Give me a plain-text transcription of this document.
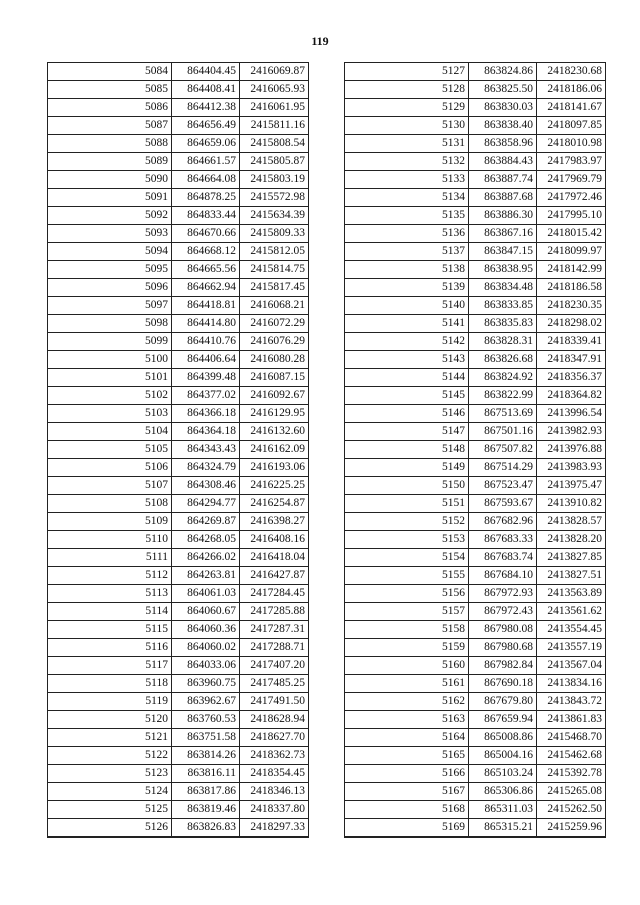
119
5084	864404.45	2416069.87
5085	864408.41	2416065.93
5086	864412.38	2416061.95
5087	864656.49	2415811.16
5088	864659.06	2415808.54
5089	864661.57	2415805.87
5090	864664.08	2415803.19
5091	864878.25	2415572.98
5092	864833.44	2415634.39
5093	864670.66	2415809.33
5094	864668.12	2415812.05
5095	864665.56	2415814.75
5096	864662.94	2415817.45
5097	864418.81	2416068.21
5098	864414.80	2416072.29
5099	864410.76	2416076.29
5100	864406.64	2416080.28
5101	864399.48	2416087.15
5102	864377.02	2416092.67
5103	864366.18	2416129.95
5104	864364.18	2416132.60
5105	864343.43	2416162.09
5106	864324.79	2416193.06
5107	864308.46	2416225.25
5108	864294.77	2416254.87
5109	864269.87	2416398.27
5110	864268.05	2416408.16
5111	864266.02	2416418.04
5112	864263.81	2416427.87
5113	864061.03	2417284.45
5114	864060.67	2417285.88
5115	864060.36	2417287.31
5116	864060.02	2417288.71
5117	864033.06	2417407.20
5118	863960.75	2417485.25
5119	863962.67	2417491.50
5120	863760.53	2418628.94
5121	863751.58	2418627.70
5122	863814.26	2418362.73
5123	863816.11	2418354.45
5124	863817.86	2418346.13
5125	863819.46	2418337.80
5126	863826.83	2418297.33
5127	863824.86	2418230.68
5128	863825.50	2418186.06
5129	863830.03	2418141.67
5130	863838.40	2418097.85
5131	863858.96	2418010.98
5132	863884.43	2417983.97
5133	863887.74	2417969.79
5134	863887.68	2417972.46
5135	863886.30	2417995.10
5136	863867.16	2418015.42
5137	863847.15	2418099.97
5138	863838.95	2418142.99
5139	863834.48	2418186.58
5140	863833.85	2418230.35
5141	863835.83	2418298.02
5142	863828.31	2418339.41
5143	863826.68	2418347.91
5144	863824.92	2418356.37
5145	863822.99	2418364.82
5146	867513.69	2413996.54
5147	867501.16	2413982.93
5148	867507.82	2413976.88
5149	867514.29	2413983.93
5150	867523.47	2413975.47
5151	867593.67	2413910.82
5152	867682.96	2413828.57
5153	867683.33	2413828.20
5154	867683.74	2413827.85
5155	867684.10	2413827.51
5156	867972.93	2413563.89
5157	867972.43	2413561.62
5158	867980.08	2413554.45
5159	867980.68	2413557.19
5160	867982.84	2413567.04
5161	867690.18	2413834.16
5162	867679.80	2413843.72
5163	867659.94	2413861.83
5164	865008.86	2415468.70
5165	865004.16	2415462.68
5166	865103.24	2415392.78
5167	865306.86	2415265.08
5168	865311.03	2415262.50
5169	865315.21	2415259.96
